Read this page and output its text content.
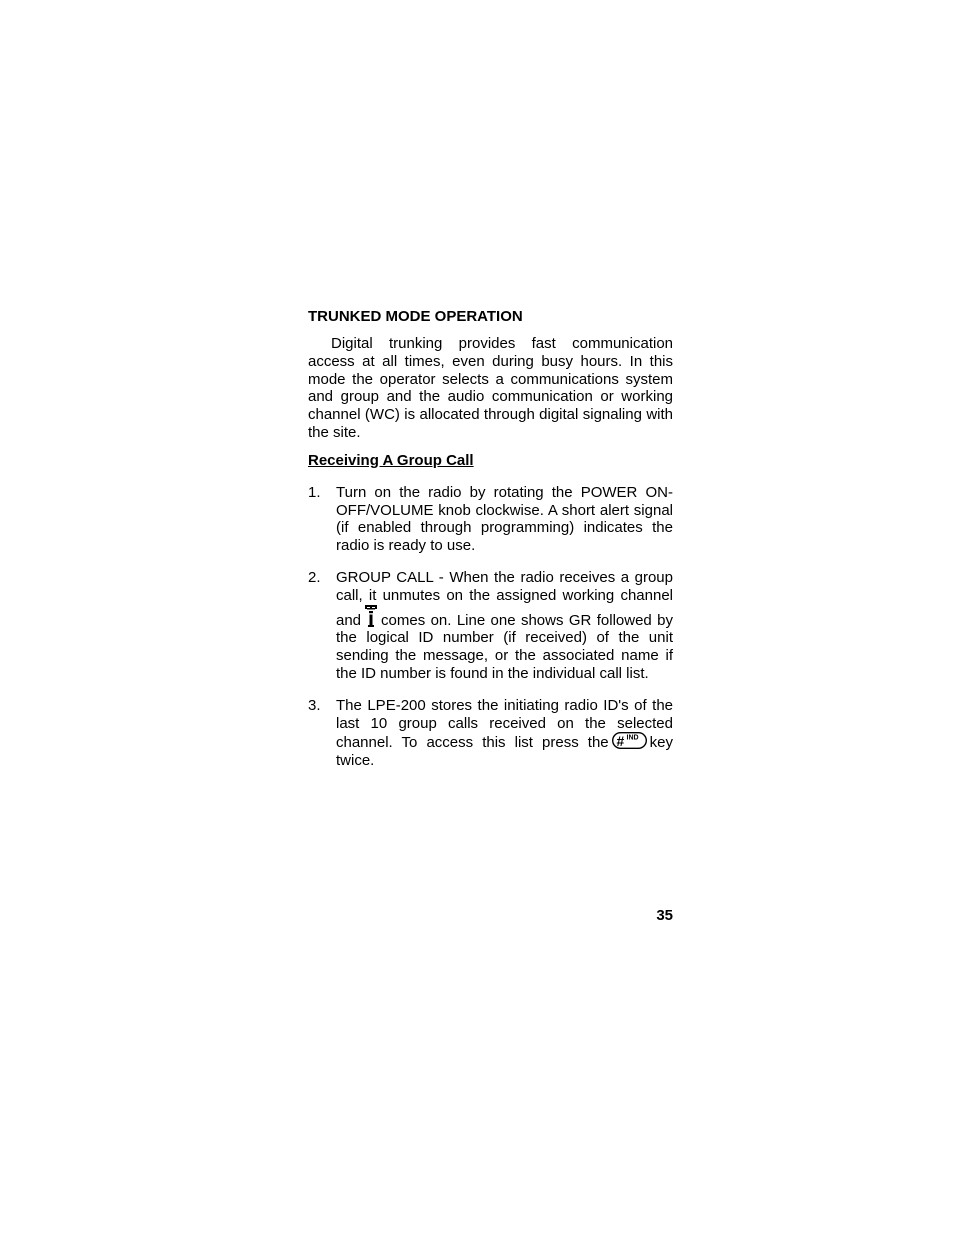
TRUNKED MODE OPERATION

Digital trunking provides fast communication access at all times, even during busy hours. In this mode the operator selects a communications system and group and the audio communication or working channel (WC) is allocated through digital signaling with the site.

Receiving A Group Call
1. Turn on the radio by rotating the POWER ON-OFF/VOLUME knob clockwise. A short alert signal (if enabled through programming) indicates the radio is ready to use.
2. GROUP CALL - When the radio receives a group call, it unmutes on the assigned working channel and comes on. Line one shows GR followed by the logical ID number (if received) of the unit sending the message, or the associated name if the ID number is found in the individual call list.
3. The LPE-200 stores the initiating radio ID's of the last 10 group calls received on the selected channel. To access this list press the # IND key twice.
35
